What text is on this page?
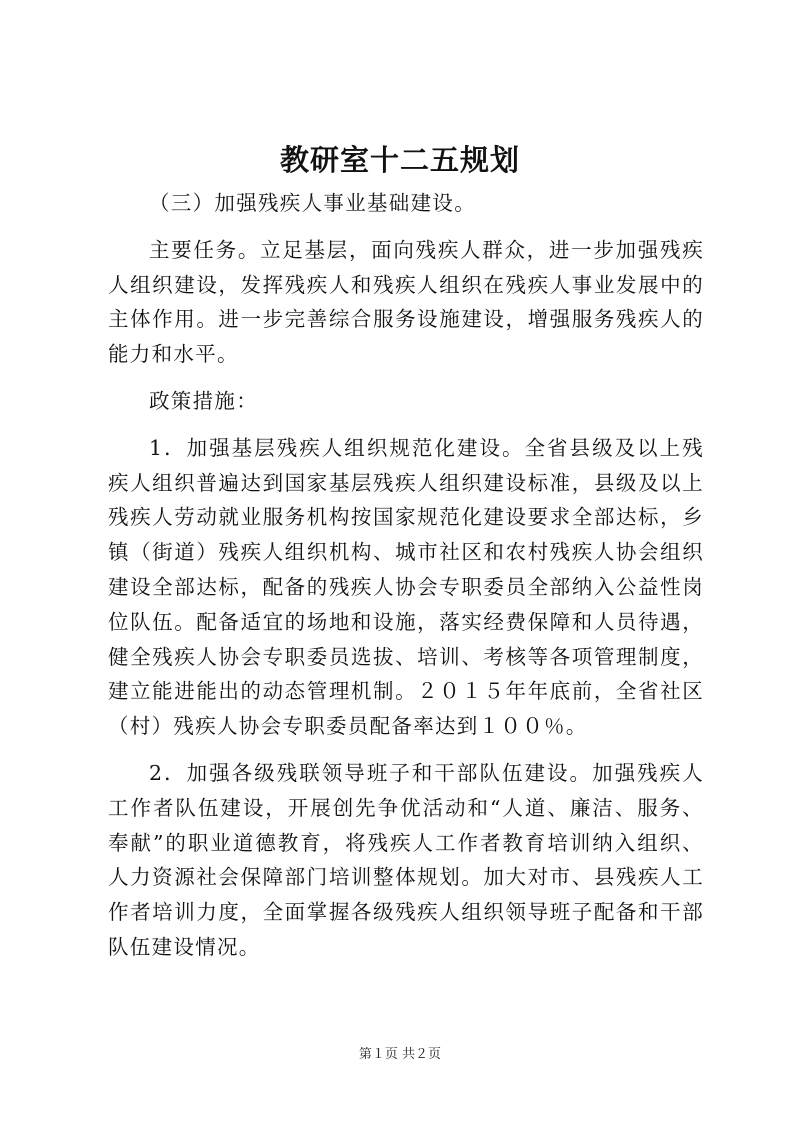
教研室十二五规划

（三）加强残疾人事业基础建设。

主要任务。立足基层，面向残疾人群众，进一步加强残疾人组织建设，发挥残疾人和残疾人组织在残疾人事业发展中的主体作用。进一步完善综合服务设施建设，增强服务残疾人的能力和水平。

政策措施：

1．加强基层残疾人组织规范化建设。全省县级及以上残疾人组织普遍达到国家基层残疾人组织建设标准，县级及以上残疾人劳动就业服务机构按国家规范化建设要求全部达标，乡镇（街道）残疾人组织机构、城市社区和农村残疾人协会组织建设全部达标，配备的残疾人协会专职委员全部纳入公益性岗位队伍。配备适宜的场地和设施，落实经费保障和人员待遇，健全残疾人协会专职委员选拔、培训、考核等各项管理制度，建立能进能出的动态管理机制。２０１５年年底前，全省社区（村）残疾人协会专职委员配备率达到１００％。

2．加强各级残联领导班子和干部队伍建设。加强残疾人工作者队伍建设，开展创先争优活动和“人道、廉洁、服务、奉献”的职业道德教育，将残疾人工作者教育培训纳入组织、人力资源社会保障部门培训整体规划。加大对市、县残疾人工作者培训力度，全面掌握各级残疾人组织领导班子配备和干部队伍建设情况。

第１页 共２页
